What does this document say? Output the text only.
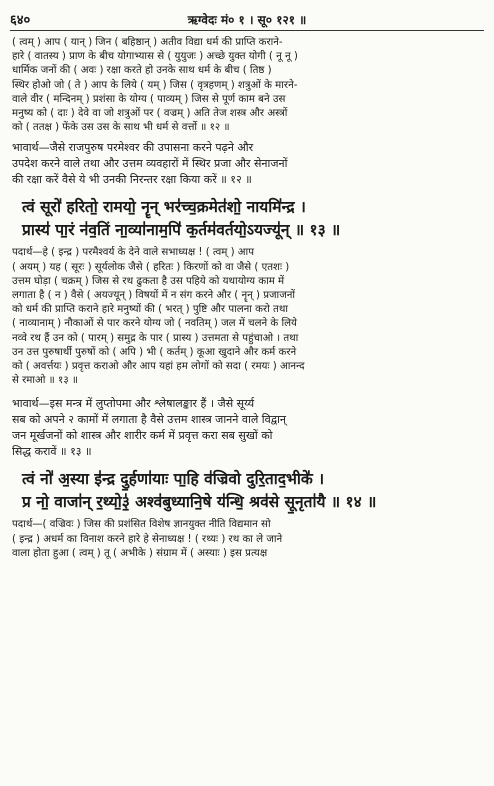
६४०	ऋग्वेदः मं० १ । सू० १२१ ॥
( त्वम् ) आप ( यान् ) जिन ( बहिष्ठान् ) अतीव विद्या धर्म की प्राप्ति कराने-
हारे ( वातस्य ) प्राण के बीच योगाभ्यास से ( युयुजः ) अच्छे युक्त योगी ( नू नू )
धार्मिक जनों की ( अवः ) रक्षा करते हो उनके साथ धर्म के बीच ( तिष्ठ )
स्थिर होओ जो ( ते ) आप के लिये ( यम् ) जिस ( वृत्रहणम् ) शत्रुओं के मारने-
वाले वीर ( मन्दिनम् ) प्रशंसा के योग्य ( पाव्यम् ) जिस से पूर्ण काम बने उस
मनुष्य को ( दाः ) देवे वा जो शत्रुओं पर ( वज्रम् ) अति तेज शस्त्र और अस्त्रों
को ( ततक्ष ) फेंके उस उस के साथ भी धर्म से वर्त्तो ॥ १२ ॥
भावार्थ—जैसे राजपुरुष परमेश्वर की उपासना करने पढ़ने और
उपदेश करने वाले तथा और उत्तम व्यवहारों में स्थिर प्रजा और सेनाजनों
की रक्षा करें वैसे ये भी उनकी निरन्तर रक्षा किया करें ॥ १२ ॥
त्वं सूरो॑ हरितो॒ रामयो॒ नॄन् भर॑च्च॒क्रमेत॑शो॒ नायमि॑न्द्र ।
प्रास्य॑ पा॒रं न॑व॒तिं ना॒व्या॑नाम॒पि॑ क॒र्तम॑वर्तयो॒ऽयज्यू॑न् ॥ १३ ॥
पदार्थ—हे ( इन्द्र ) परमैश्वर्य के देने वाले सभाध्यक्ष ! ( त्वम् ) आप
( अयम् ) यह ( सूरः ) सूर्यलोक जैसे ( हरितः ) किरणों को वा जैसे ( एतशः )
उत्तम घोड़ा ( चक्रम् ) जिस से रथ ढुकता है उस पहिये को यथायोग्य काम में
लगाता है ( न ) वैसे ( अयज्यून् ) विषयों में न संग करने और ( नॄन् ) प्रजाजनों
को धर्म की प्राप्ति कराने हारे मनुष्यों की ( भरत् ) पुष्टि और पालना करो तथा
( नाव्यानाम् ) नौकाओं से पार करने योग्य जो ( नवतिम् ) जल में चलने के लिये
नव्वे रथ हैं उन को ( पारम् ) समुद्र के पार ( प्रास्य ) उत्तमता से पहुंचाओ । तथा
उन उत्त पुरुषार्थी पुरुषों को ( अपि ) भी ( कर्तम् ) कूआ खुदाने और कर्म करने
को ( अवर्त्तयः ) प्रवृत्त कराओ और आप यहां हम लोगों को सदा ( रमयः ) आनन्द
से रमाओ ॥ १३ ॥
भावार्थ—इस मन्त्र में लुप्तोपमा और श्लेषालङ्कार हैं । जैसे सूर्य्य
सब को अपने २ कामों में लगाता है वैसे उत्तम शास्त्र जानने वाले विद्वान्
जन मूर्खजनों को शास्त्र और शारीर कर्म में प्रवृत्त करा सब सुखों को
सिद्ध करावें ॥ १३ ॥
त्वं नो॑ अ॒स्या इ॑न्द्र दु॒र्हणा॑याः पा॒हि व॑ज्रिवो दुरि॒ताद॒भीके॑ ।
प्र नो॒ वाजा॑न् र॒थ्यो॒३॒॑ अश्व॑बुध्यानि॒षे य॑न्धि॒ श्रव॑से सू॒नृता॑यै ॥ १४ ॥
पदार्थ—( वज्रिवः ) जिस की प्रशंसित विशेष ज्ञानयुक्त नीति विद्यमान सो
( इन्द्र ) अधर्म का विनाश करने हारे हे सेनाध्यक्ष ! ( रथ्यः ) रथ का ले जाने
वाला होता हुआ ( त्वम् ) तू ( अभीके ) संग्राम में ( अस्याः ) इस प्रत्यक्ष
